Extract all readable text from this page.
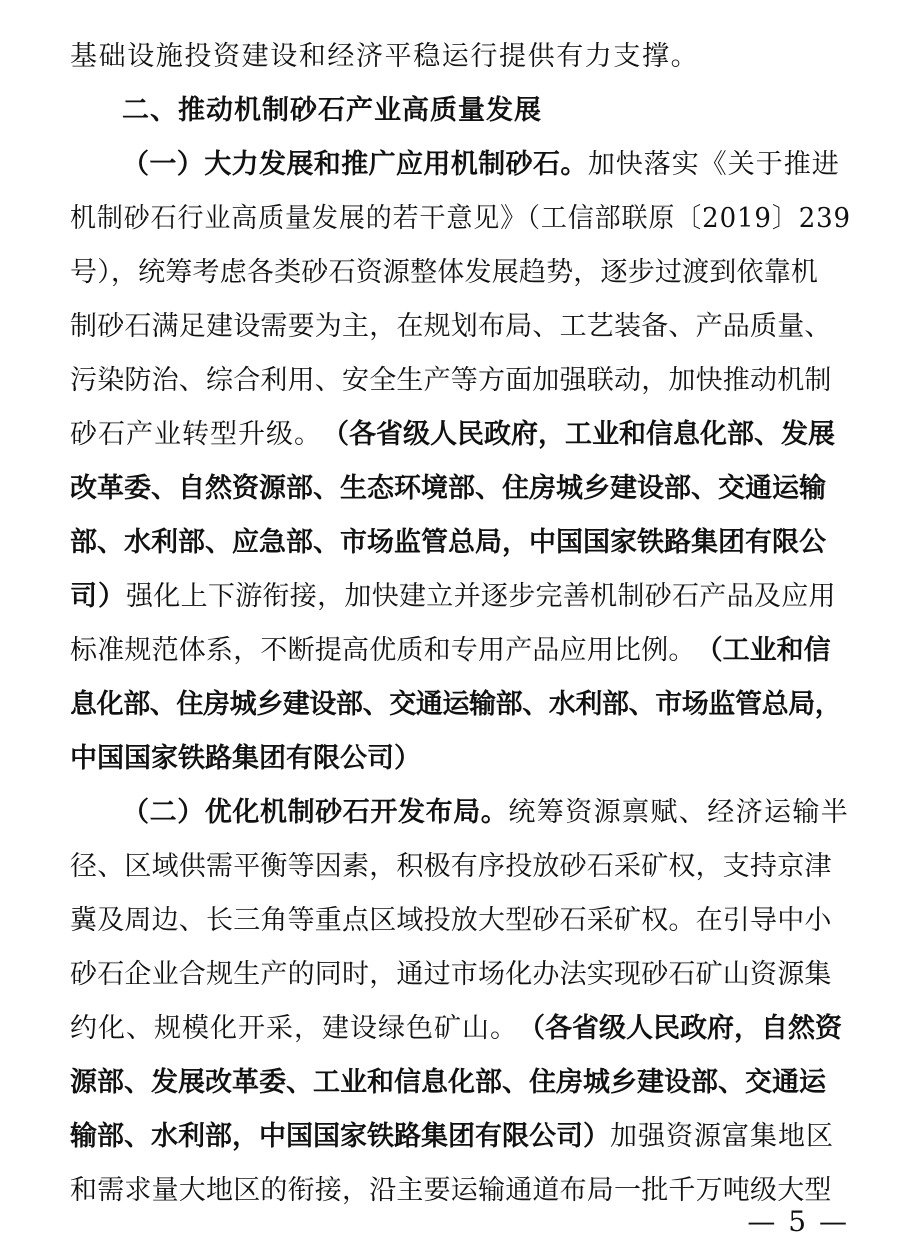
基础设施投资建设和经济平稳运行提供有力支撑。
二、推动机制砂石产业高质量发展
（一）大力发展和推广应用机制砂石。加快落实《关于推进
机制砂石行业高质量发展的若干意见》（工信部联原〔2019〕239
号），统筹考虑各类砂石资源整体发展趋势，逐步过渡到依靠机
制砂石满足建设需要为主，在规划布局、工艺装备、产品质量、
污染防治、综合利用、安全生产等方面加强联动，加快推动机制
砂石产业转型升级。（各省级人民政府，工业和信息化部、发展
改革委、自然资源部、生态环境部、住房城乡建设部、交通运输
部、水利部、应急部、市场监管总局，中国国家铁路集团有限公
司）强化上下游衔接，加快建立并逐步完善机制砂石产品及应用
标准规范体系，不断提高优质和专用产品应用比例。（工业和信
息化部、住房城乡建设部、交通运输部、水利部、市场监管总局，
中国国家铁路集团有限公司）
（二）优化机制砂石开发布局。统筹资源禀赋、经济运输半
径、区域供需平衡等因素，积极有序投放砂石采矿权，支持京津
冀及周边、长三角等重点区域投放大型砂石采矿权。在引导中小
砂石企业合规生产的同时，通过市场化办法实现砂石矿山资源集
约化、规模化开采，建设绿色矿山。（各省级人民政府，自然资
源部、发展改革委、工业和信息化部、住房城乡建设部、交通运
输部、水利部，中国国家铁路集团有限公司）加强资源富集地区
和需求量大地区的衔接，沿主要运输通道布局一批千万吨级大型
— 5 —
